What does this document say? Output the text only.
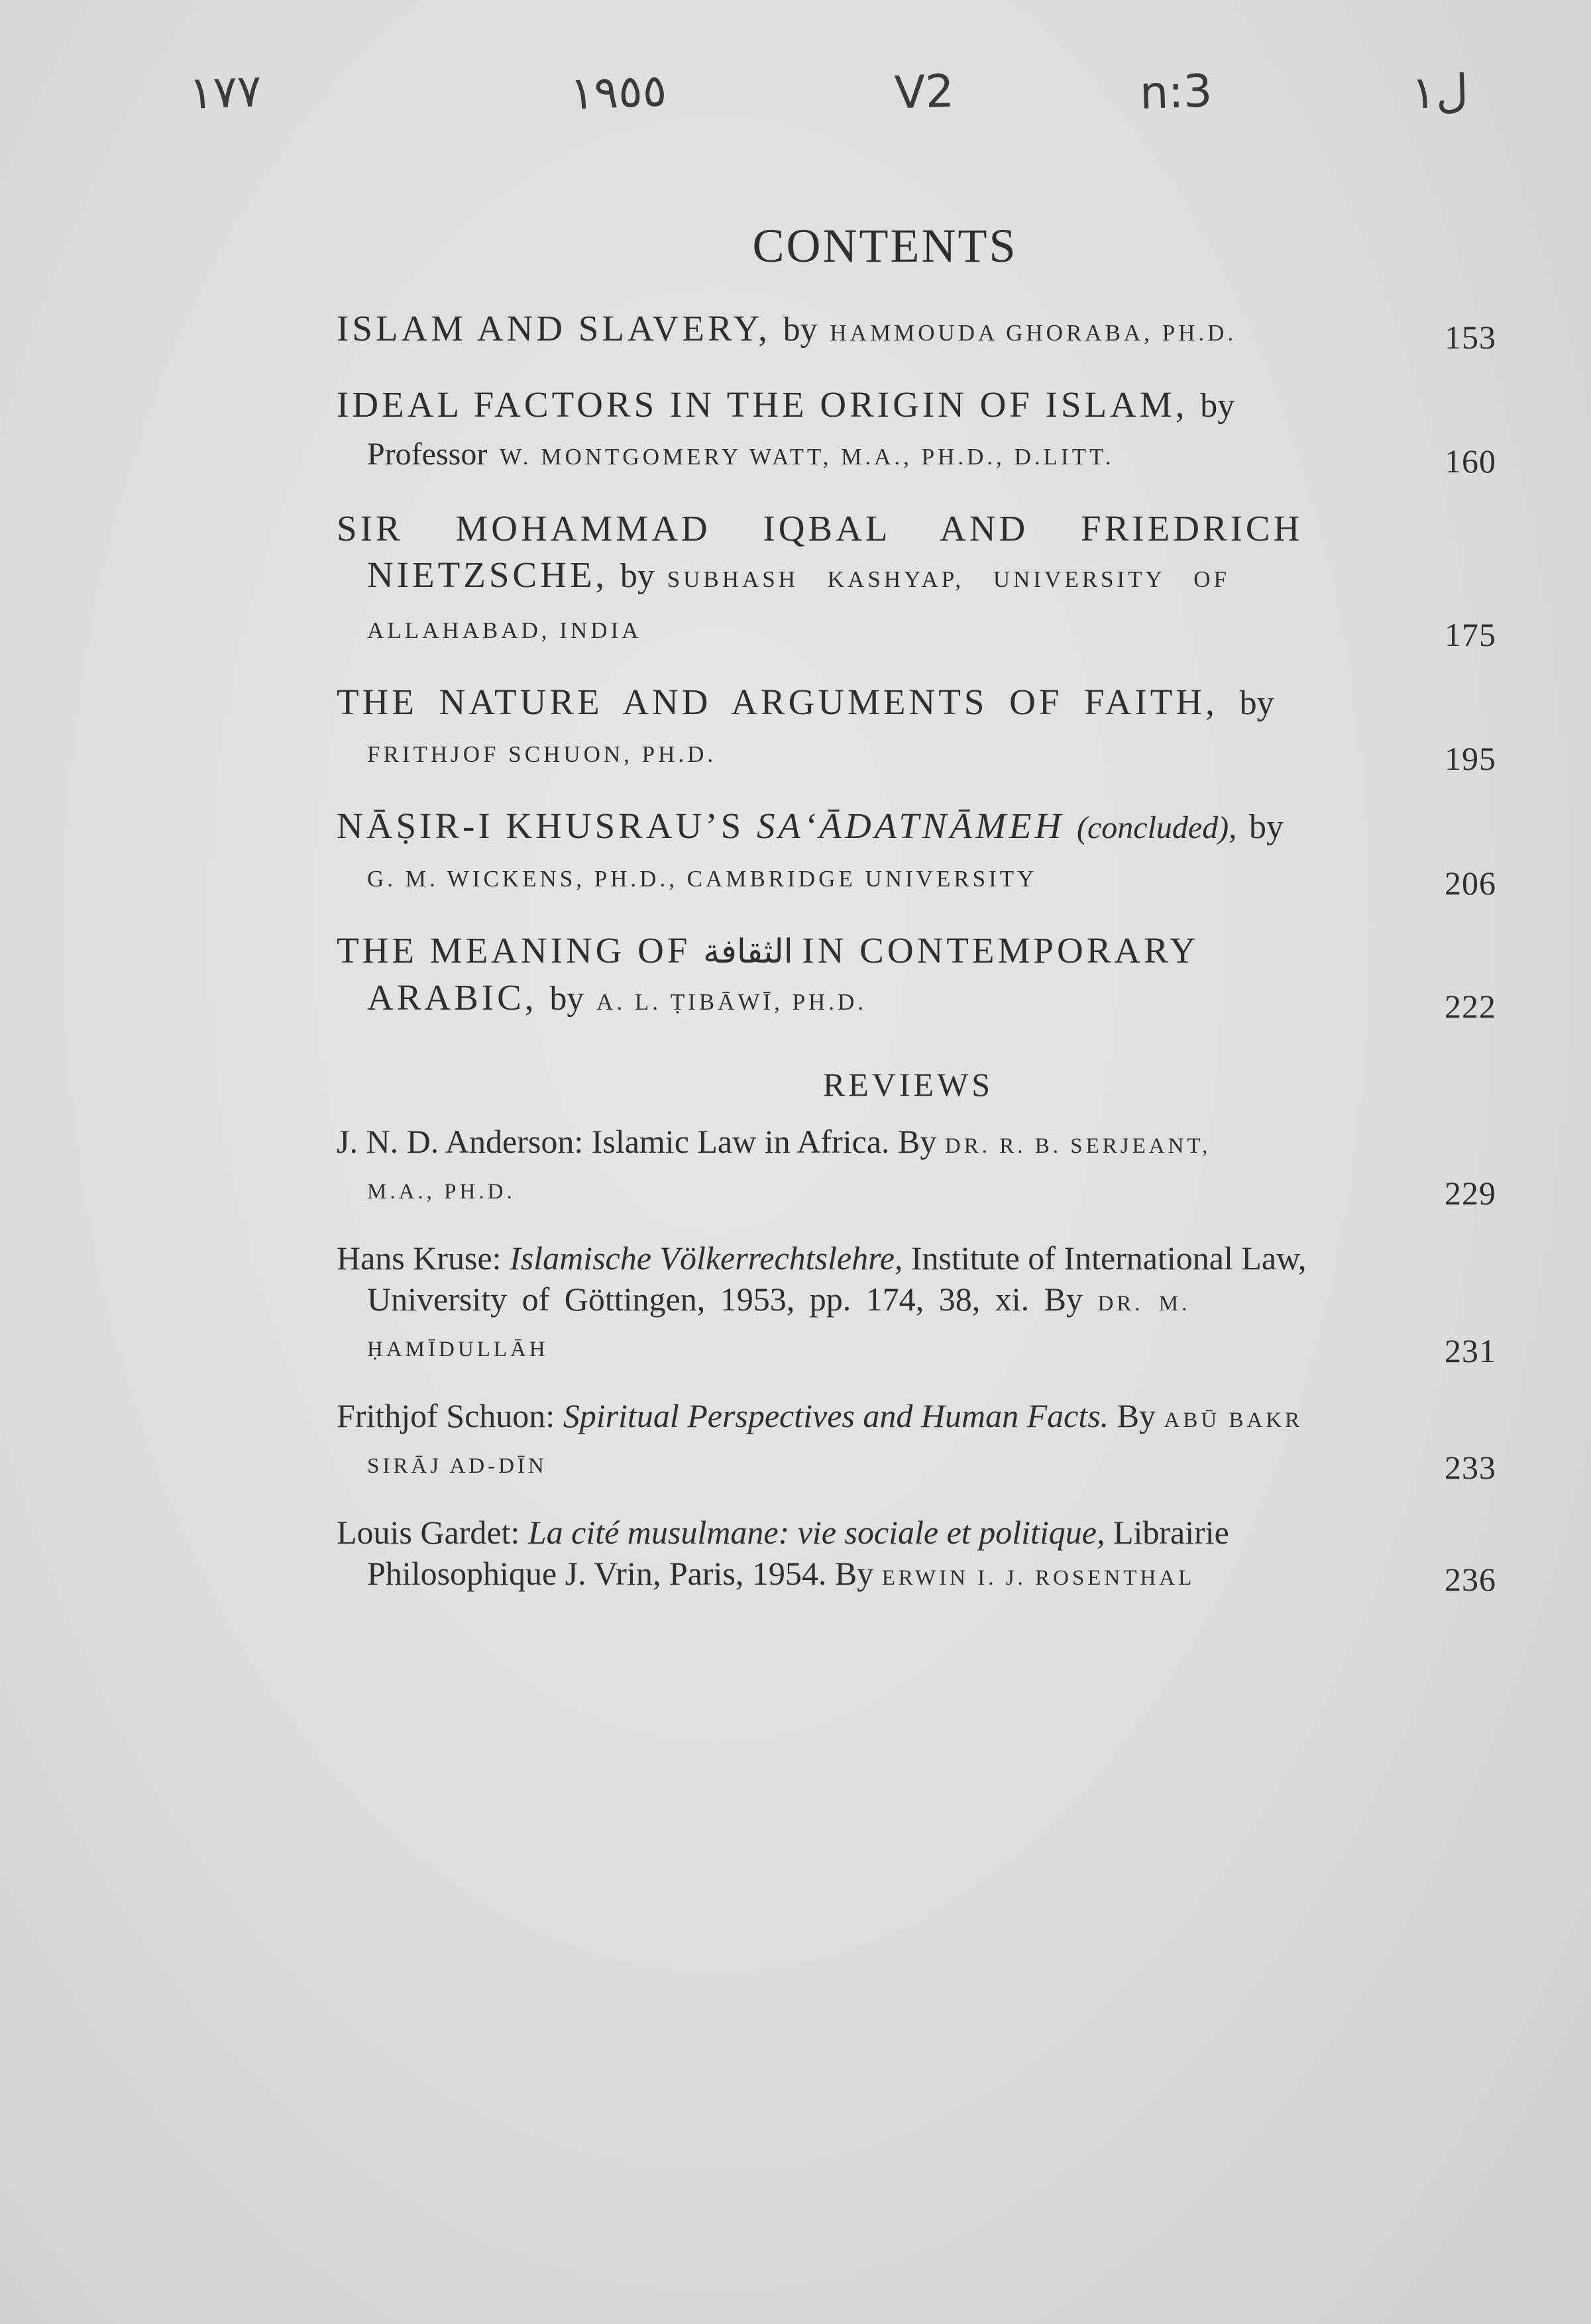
١٧٧	١٩٥٥	V2	n:3	ل١
CONTENTS
ISLAM AND SLAVERY, by HAMMOUDA GHORABA, PH.D.	153
IDEAL FACTORS IN THE ORIGIN OF ISLAM, by
Professor W. MONTGOMERY WATT, M.A., PH.D., D.LITT.	160
SIR MOHAMMAD IQBAL AND FRIEDRICH
NIETZSCHE, by SUBHASH KASHYAP, UNIVERSITY OF
ALLAHABAD, INDIA	175
THE NATURE AND ARGUMENTS OF FAITH, by
FRITHJOF SCHUON, PH.D.	195
NĀṢIR-I KHUSRAU’S SA‘ĀDATNĀMEH (concluded), by
G. M. WICKENS, PH.D., CAMBRIDGE UNIVERSITY	206
THE MEANING OF الثقافة IN CONTEMPORARY
ARABIC, by A. L. ṬIBĀWĪ, PH.D.	222
REVIEWS
J. N. D. Anderson: Islamic Law in Africa. By DR. R. B. SERJEANT,
M.A., PH.D.	229
Hans Kruse: Islamische Völkerrechtslehre, Institute of International Law,
University of Göttingen, 1953, pp. 174, 38, xi. By DR. M.
ḤAMĪDULLĀH	231
Frithjof Schuon: Spiritual Perspectives and Human Facts. By ABŪ BAKR
SIRĀJ AD-DĪN	233
Louis Gardet: La cité musulmane: vie sociale et politique, Librairie
Philosophique J. Vrin, Paris, 1954. By ERWIN I. J. ROSENTHAL	236
